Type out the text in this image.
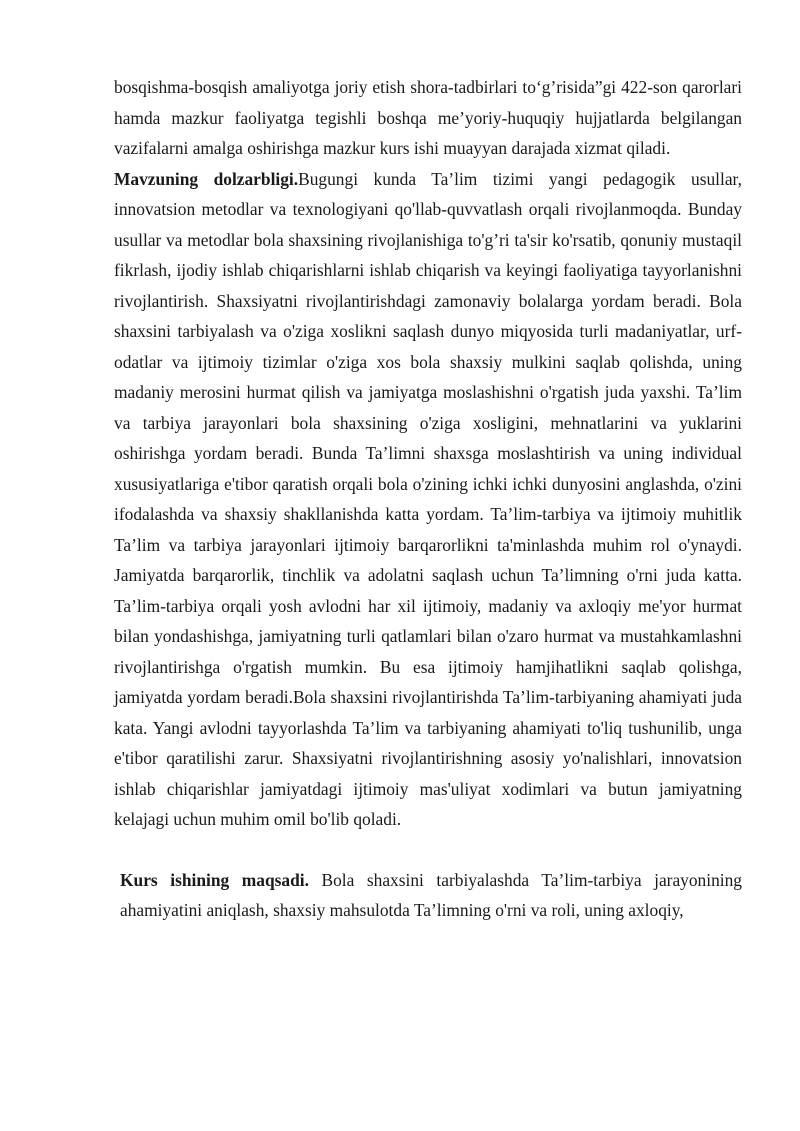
bosqishma-bosqish amaliyotga joriy etish shora-tadbirlari to‘g’risida”gi 422-son qarorlari hamda mazkur faoliyatga tegishli boshqa me’yoriy-huquqiy hujjatlarda belgilangan vazifalarni amalga oshirishga mazkur kurs ishi muayyan darajada xizmat qiladi.

Mavzuning dolzarbligi.Bugungi kunda Ta’lim tizimi yangi pedagogik usullar, innovatsion metodlar va texnologiyani qo'llab-quvvatlash orqali rivojlanmoqda. Bunday usullar va metodlar bola shaxsining rivojlanishiga to'g’ri ta'sir ko'rsatib, qonuniy mustaqil fikrlash, ijodiy ishlab chiqarishlarni ishlab chiqarish va keyingi faoliyatiga tayyorlanishni rivojlantirish. Shaxsiyatni rivojlantirishdagi zamonaviy bolalarga yordam beradi. Bola shaxsini tarbiyalash va o'ziga xoslikni saqlash dunyo miqyosida turli madaniyatlar, urf-odatlar va ijtimoiy tizimlar o'ziga xos bola shaxsiy mulkini saqlab qolishda, uning madaniy merosini hurmat qilish va jamiyatga moslashishni o'rgatish juda yaxshi. Ta’lim va tarbiya jarayonlari bola shaxsining o'ziga xosligini, mehnatlarini va yuklarini oshirishga yordam beradi. Bunda Ta’limni shaxsga moslashtirish va uning individual xususiyatlariga e'tibor qaratish orqali bola o'zining ichki ichki dunyosini anglashda, o'zini ifodalashda va shaxsiy shakllanishda katta yordam. Ta’lim-tarbiya va ijtimoiy muhitlik Ta’lim va tarbiya jarayonlari ijtimoiy barqarorlikni ta'minlashda muhim rol o'ynaydi. Jamiyatda barqarorlik, tinchlik va adolatni saqlash uchun Ta’limning o'rni juda katta. Ta’lim-tarbiya orqali yosh avlodni har xil ijtimoiy, madaniy va axloqiy me'yor hurmat bilan yondashishga, jamiyatning turli qatlamlari bilan o'zaro hurmat va mustahkamlashni rivojlantirishga o'rgatish mumkin. Bu esa ijtimoiy hamjihatlikni saqlab qolishga, jamiyatda yordam beradi.Bola shaxsini rivojlantirishda Ta’lim-tarbiyaning ahamiyati juda kata. Yangi avlodni tayyorlashda Ta’lim va tarbiyaning ahamiyati to'liq tushunilib, unga e'tibor qaratilishi zarur. Shaxsiyatni rivojlantirishning asosiy yo'nalishlari, innovatsion ishlab chiqarishlar jamiyatdagi ijtimoiy mas'uliyat xodimlari va butun jamiyatning kelajagi uchun muhim omil bo'lib qoladi.

Kurs ishining maqsadi. Bola shaxsini tarbiyalashda Ta’lim-tarbiya jarayonining ahamiyatini aniqlash, shaxsiy mahsulotda Ta’limning o'rni va roli, uning axloqiy,
